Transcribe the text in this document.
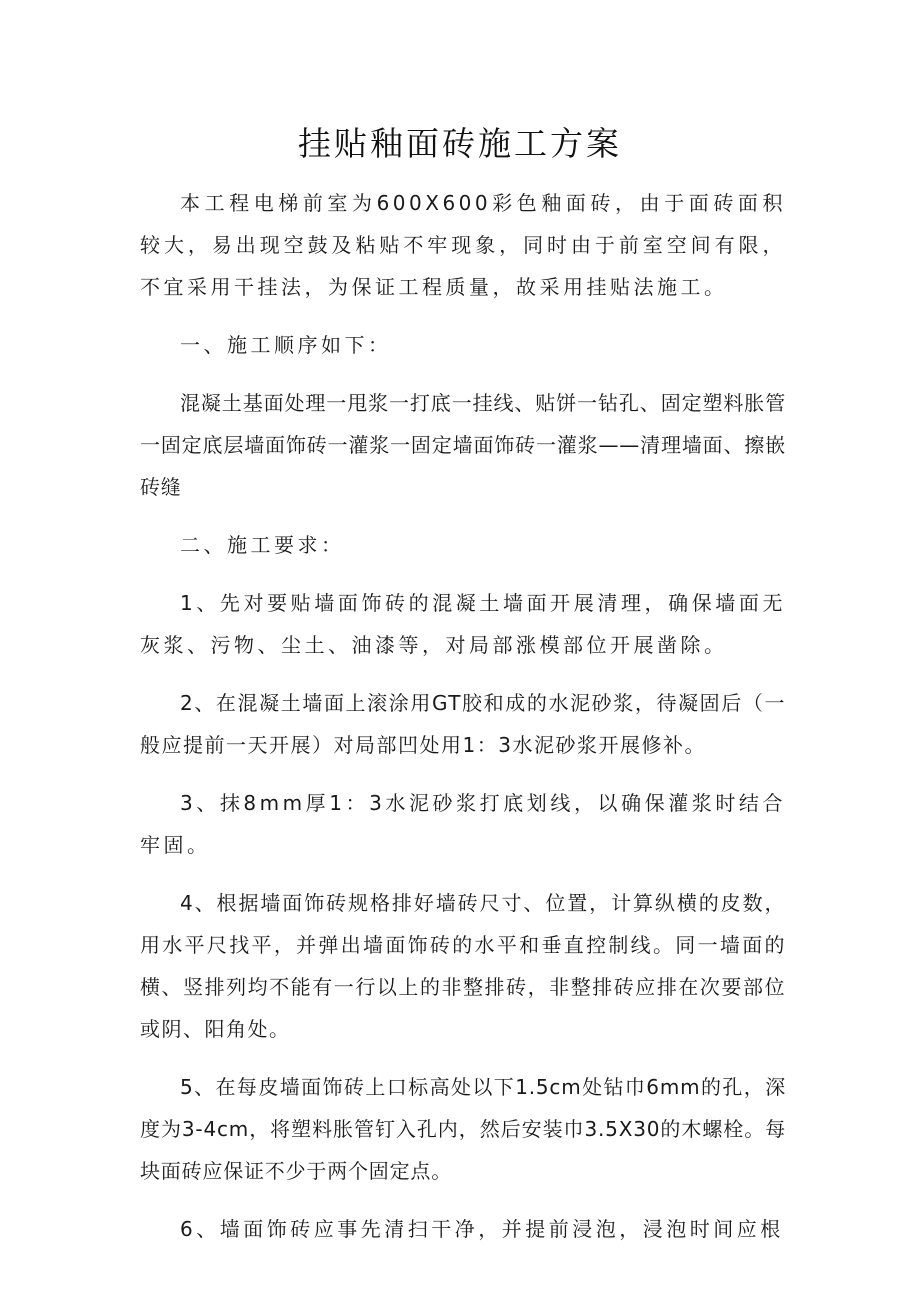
挂贴釉面砖施工方案

本工程电梯前室为600X600彩色釉面砖，由于面砖面积较大，易出现空鼓及粘贴不牢现象，同时由于前室空间有限，不宜采用干挂法，为保证工程质量，故采用挂贴法施工。

一、施工顺序如下：

混凝土基面处理一甩浆一打底一挂线、贴饼一钻孔、固定塑料胀管一固定底层墙面饰砖一灌浆一固定墙面饰砖一灌浆——清理墙面、擦嵌砖缝

二、施工要求：

1、先对要贴墙面饰砖的混凝土墙面开展清理，确保墙面无灰浆、污物、尘土、油漆等，对局部涨模部位开展凿除。

2、在混凝土墙面上滚涂用GT胶和成的水泥砂浆，待凝固后（一般应提前一天开展）对局部凹处用1：3水泥砂浆开展修补。

3、抹8mm厚1：3水泥砂浆打底划线，以确保灌浆时结合牢固。

4、根据墙面饰砖规格排好墙砖尺寸、位置，计算纵横的皮数，用水平尺找平，并弹出墙面饰砖的水平和垂直控制线。同一墙面的横、竖排列均不能有一行以上的非整排砖，非整排砖应排在次要部位或阴、阳角处。

5、在每皮墙面饰砖上口标高处以下1.5cm处钻巾6mm的孔，深度为3-4cm，将塑料胀管钉入孔内，然后安装巾3.5X30的木螺栓。每块面砖应保证不少于两个固定点。

6、墙面饰砖应事先清扫干净，并提前浸泡，浸泡时间应根
